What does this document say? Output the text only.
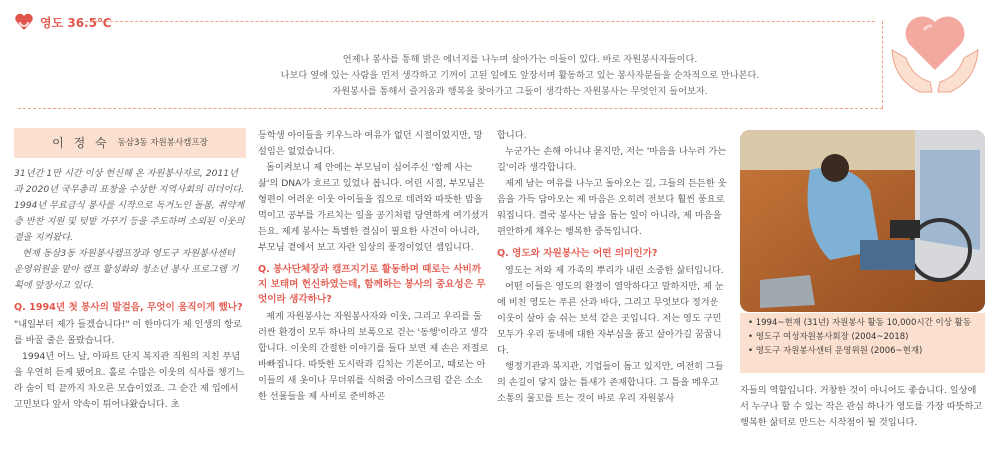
영도 36.5℃
언제나 봉사를 통해 밝은 에너지를 나누며 살아가는 이들이 있다. 바로 자원봉사자들이다.
나보다 옆에 있는 사람을 먼저 생각하고 기꺼이 고된 일에도 앞장서며 활동하고 있는 봉사자분들을 순차적으로 만나본다.
자원봉사를 통해서 즐거움과 행복을 찾아가고 그들이 생각하는 자원봉사는 무엇인지 들어보자.
이 정 숙 동삼3동 자원봉사캠프장

31년간 1만 시간 이상 헌신해 온 자원봉사자로, 2011년과 2020년 국무총리 표창을 수상한 지역사회의 리더이다. 1994년 무료급식 봉사를 시작으로 독거노인 돌봄, 취약계층 반찬 지원 및 텃밭 가꾸기 등을 주도하며 소외된 이웃의 곁을 지켜왔다.

현재 동삼3동 자원봉사캠프장과 영도구 자원봉사센터 운영위원을 맡아 캠프 활성화와 청소년 봉사 프로그램 기획에 앞장서고 있다.

Q. 1994년 첫 봉사의 발걸음, 무엇이 움직이게 했나?

"내일부터 제가 들겠습니다!" 이 한마디가 제 인생의 항로를 바꿀 줄은 몰랐습니다.

1994년 어느 날, 아파트 단지 복지관 직원의 지친 푸념을 우연히 듣게 됐어요. 홀로 수많은 이웃의 식사를 챙기느라 숨이 턱 끝까지 차오른 모습이었죠. 그 순간 제 입에서 고민보다 앞서 약속이 튀어나왔습니다. 초

등학생 아이들을 키우느라 여유가 없던 시절이었지만, 망설임은 없었습니다.

돌이켜보니 제 안에는 부모님이 심어주신 '함께 사는 삶'의 DNA가 흐르고 있었나 봅니다. 어린 시절, 부모님은 형편이 어려운 이웃 아이들을 집으로 데려와 따뜻한 밥을 먹이고 공부를 가르치는 일을 공기처럼 당연하게 여기셨거든요. 제게 봉사는 특별한 결심이 필요한 사건이 아니라, 부모님 곁에서 보고 자란 일상의 풍경이었던 셈입니다.

Q. 봉사단체장과 캠프지기로 활동하며 때로는 사비까지 보태며 헌신하였는데, 함께하는 봉사의 중요성은 무엇이라 생각하나?

제게 자원봉사는 자원봉사자와 이웃, 그리고 우리를 둘러싼 환경이 모두 하나의 보폭으로 걷는 '동행'이라고 생각합니다. 이웃의 간절한 이야기를 들다 보면 제 손은 저절로 바빠집니다. 따뜻한 도시락과 김치는 기본이고, 때로는 아이들의 새 옷이나 무더위를 식혀줄 아이스크림 같은 소소한 선물들을 제 사비로 준비하곤

합니다.

누군가는 손해 아니냐 묻지만, 저는 '마음을 나누러 가는 길'이라 생각합니다.

제게 남는 여유를 나누고 돌아오는 길, 그들의 든든한 웃음을 가득 담아오는 제 마음은 오히려 전보다 훨씬 풍요로워집니다. 결국 봉사는 남을 돕는 일이 아니라, 제 마음을 편안하게 채우는 행복한 중독입니다.

Q. 영도와 자원봉사는 어떤 의미인가?

영도는 저와 제 가족의 뿌리가 내린 소중한 삶터입니다.

어떤 이들은 영도의 환경이 열악하다고 말하지만, 제 눈에 비친 영도는 푸른 산과 바다, 그리고 무엇보다 정겨운 이웃이 살아 숨 쉬는 보석 같은 곳입니다. 저는 영도 구민 모두가 우리 동네에 대한 자부심을 품고 살아가길 꿈꿉니다.

행정기관과 복지관, 기업들이 돕고 있지만, 여전히 그들의 손길이 닿지 않는 틈새가 존재합니다. 그 틈을 메우고 소통의 물꼬를 트는 것이 바로 우리 자원봉사

• 1994~현재 (31년) 자원봉사 활동 10,000시간 이상 활동
• 영도구 여성자원봉사회장 (2004~2018)
• 영도구 자원봉사센터 운영위원 (2006~현재)

자들의 역할입니다. 거창한 것이 아니어도 좋습니다. 일상에서 누구나 할 수 있는 작은 관심 하나가 영도를 가장 따뜻하고 행복한 삶터로 만드는 시작점이 될 것입니다.
